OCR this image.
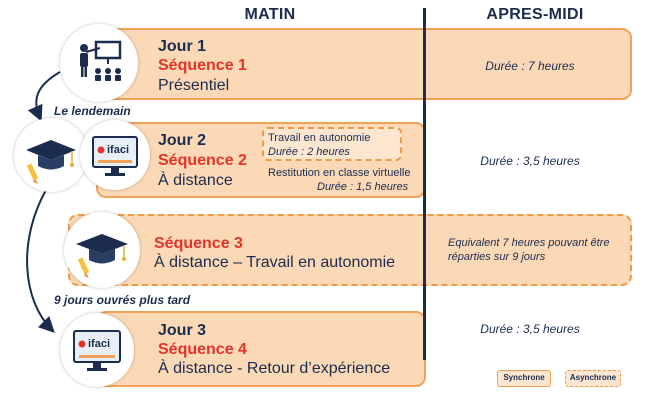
MATIN	APRES-MIDI
Jour 1
Séquence 1
Présentiel
Durée : 7 heures
Le lendemain
ifaci
Jour 2
Séquence 2
À distance
Travail en autonomie
Durée : 2 heures
Restitution en classe virtuelle
Durée : 1,5 heures
Durée : 3,5 heures
Séquence 3
À distance – Travail en autonomie
Equivalent 7 heures pouvant être
réparties sur 9 jours
9 jours ouvrés plus tard
ifaci
Jour 3
Séquence 4
À distance - Retour d’expérience
Durée : 3,5 heures
Synchrone	Asynchrone
